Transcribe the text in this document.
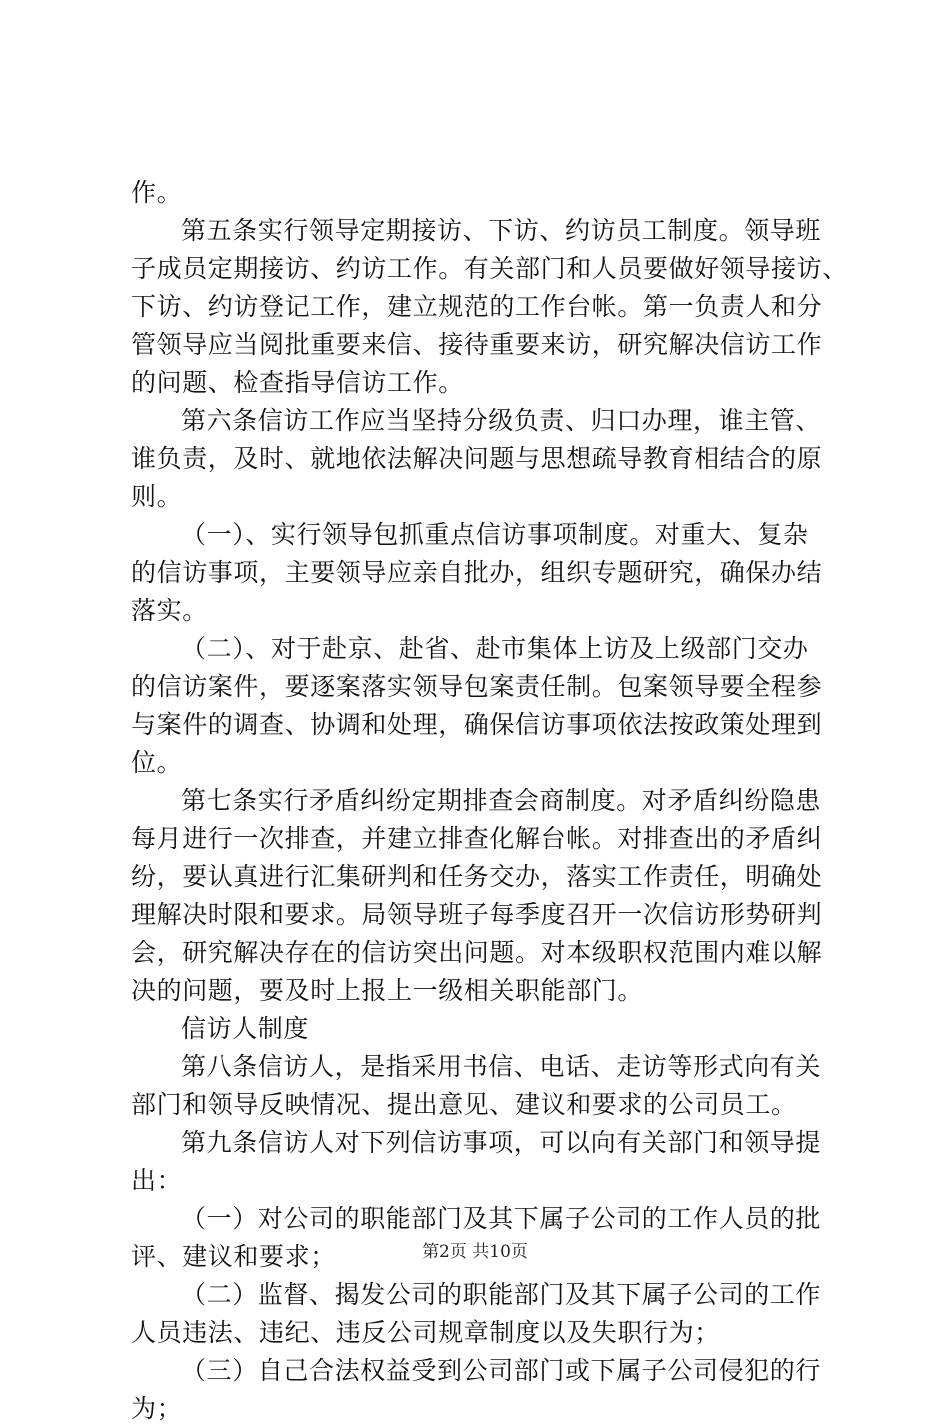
作。
第五条实行领导定期接访、下访、约访员工制度。领导班
子成员定期接访、约访工作。有关部门和人员要做好领导接访、
下访、约访登记工作，建立规范的工作台帐。第一负责人和分
管领导应当阅批重要来信、接待重要来访，研究解决信访工作
的问题、检查指导信访工作。
第六条信访工作应当坚持分级负责、归口办理，谁主管、
谁负责，及时、就地依法解决问题与思想疏导教育相结合的原
则。
（一）、实行领导包抓重点信访事项制度。对重大、复杂
的信访事项，主要领导应亲自批办，组织专题研究，确保办结
落实。
（二）、对于赴京、赴省、赴市集体上访及上级部门交办
的信访案件，要逐案落实领导包案责任制。包案领导要全程参
与案件的调查、协调和处理，确保信访事项依法按政策处理到
位。
第七条实行矛盾纠纷定期排查会商制度。对矛盾纠纷隐患
每月进行一次排查，并建立排查化解台帐。对排查出的矛盾纠
纷，要认真进行汇集研判和任务交办，落实工作责任，明确处
理解决时限和要求。局领导班子每季度召开一次信访形势研判
会，研究解决存在的信访突出问题。对本级职权范围内难以解
决的问题，要及时上报上一级相关职能部门。
信访人制度
第八条信访人，是指采用书信、电话、走访等形式向有关
部门和领导反映情况、提出意见、建议和要求的公司员工。
第九条信访人对下列信访事项，可以向有关部门和领导提
出：
（一）对公司的职能部门及其下属子公司的工作人员的批
评、建议和要求；
（二）监督、揭发公司的职能部门及其下属子公司的工作
人员违法、违纪、违反公司规章制度以及失职行为；
（三）自己合法权益受到公司部门或下属子公司侵犯的行
为；
第2页 共10页
